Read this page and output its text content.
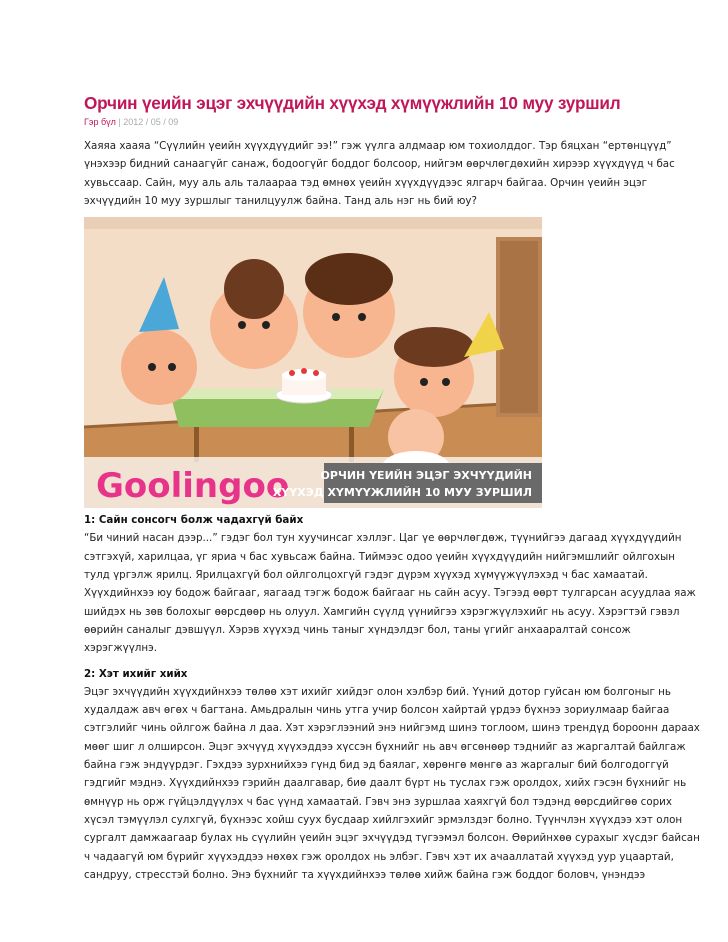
Орчин үеийн эцэг эхчүүдийн хүүхэд хүмүүжлийн 10 муу зуршил
Гэр бүл | 2012 / 05 / 09

Хаяяа хааяа “Сүүлийн үеийн хүүхдүүдийг ээ!” гэж үүлга алдмаар юм тохиолддог. Тэр бяцхан “ертөнцүүд”

үнэхээр бидний санаагүйг санаж, бодоогүйг боддог болсоор, нийгэм өөрчлөгдөхийн хирээр хүүхдүүд ч бас

хувьссаар. Сайн, муу аль аль талаараа тэд өмнөх үеийн хүүхдүүдээс ялгарч байгаа. Орчин үеийн эцэг

эхчүүдийн 10 муу зуршлыг танилцуулж байна. Танд аль нэг нь бий юу?

Goolingoo	ОРЧИН ҮЕИЙН ЭЦЭГ ЭХЧҮҮДИЙН
ХҮҮХЭД ХҮМҮҮЖЛИЙН 10 МУУ ЗУРШИЛ

1: Сайн сонсогч болж чадахгүй байх

“Би чиний насан дээр...” гэдэг бол тун хуучинсаг хэллэг. Цаг үе өөрчлөгдөж, түүнийгээ дагаад хүүхдүүдийн

сэтгэхүй, харилцаа, үг яриа ч бас хувьсаж байна. Тиймээс одоо үеийн хүүхдүүдийн нийгэмшлийг ойлгохын

тулд үргэлж ярилц. Ярилцахгүй бол ойлголцохгүй гэдэг дүрэм хүүхэд хүмүүжүүлэхэд ч бас хамаатай.

Хүүхдийнхээ юу бодож байгааг, яагаад тэгж бодож байгааг нь сайн асуу. Тэгээд өөрт тулгарсан асуудлаа яаж

шийдэх нь зөв болохыг өөрсдөөр нь олуул. Хамгийн сүүлд үүнийгээ хэрэгжүүлэхийг нь асуу. Хэрэгтэй гэвэл

өөрийн саналыг дэвшүүл. Хэрэв хүүхэд чинь таныг хүндэлдэг бол, таны үгийг анхааралтай сонсож

хэрэгжүүлнэ.

2: Хэт ихийг хийх

Эцэг эхчүүдийн хүүхдийнхээ төлөө хэт ихийг хийдэг олон хэлбэр бий. Үүний дотор гуйсан юм болгоныг нь

худалдаж авч өгөх ч багтана. Амьдралын чинь утга учир болсон хайртай үрдээ бүхнээ зориулмаар байгаа

сэтгэлийг чинь ойлгож байна л даа. Хэт хэрэглээний энэ нийгэмд шинэ тоглоом, шинэ трендүд бороонн дараах

мөөг шиг л олширсон. Эцэг эхчүүд хүүхэддээ хүссэн бүхнийг нь авч өгсөнөөр тэднийг аз жаргалтай байлгаж

байна гэж эндүүрдэг. Гэхдээ зурхнийхээ гүнд бид эд баялаг, хөрөнгө мөнгө аз жаргалыг бий болгодоггүй

гэдгийг мэднэ. Хүүхдийнхээ гэрийн даалгавар, биө даалт бүрт нь туслах гэж оролдох, хийх гэсэн бүхнийг нь

өмнүүр нь орж гүйцэлдүүлэх ч бас үүнд хамаатай. Гэвч энэ зуршлаа хаяхгүй бол тэдэнд өөрсдийгөө сорих

хүсэл тэмүүлэл сулхгүй, бүхнээс хойш суух бусдаар хийлгэхийг эрмэлздэг болно. Түүнчлэн хүүхдээ хэт олон

сургалт дамжаагаар булах нь сүүлийн үеийн эцэг эхчүүдэд түгээмэл болсон. Өөрийнхөө сурахыг хүсдэг байсан

ч чадаагүй юм бүрийг хүүхэддээ нөхөх гэж оролдох нь элбэг. Гэвч хэт их ачааллатай хүүхэд уур уцаартай,

сандруу, стресстэй болно. Энэ бүхнийг та хүүхдийнхээ төлөө хийж байна гэж боддог боловч, үнэндээ
